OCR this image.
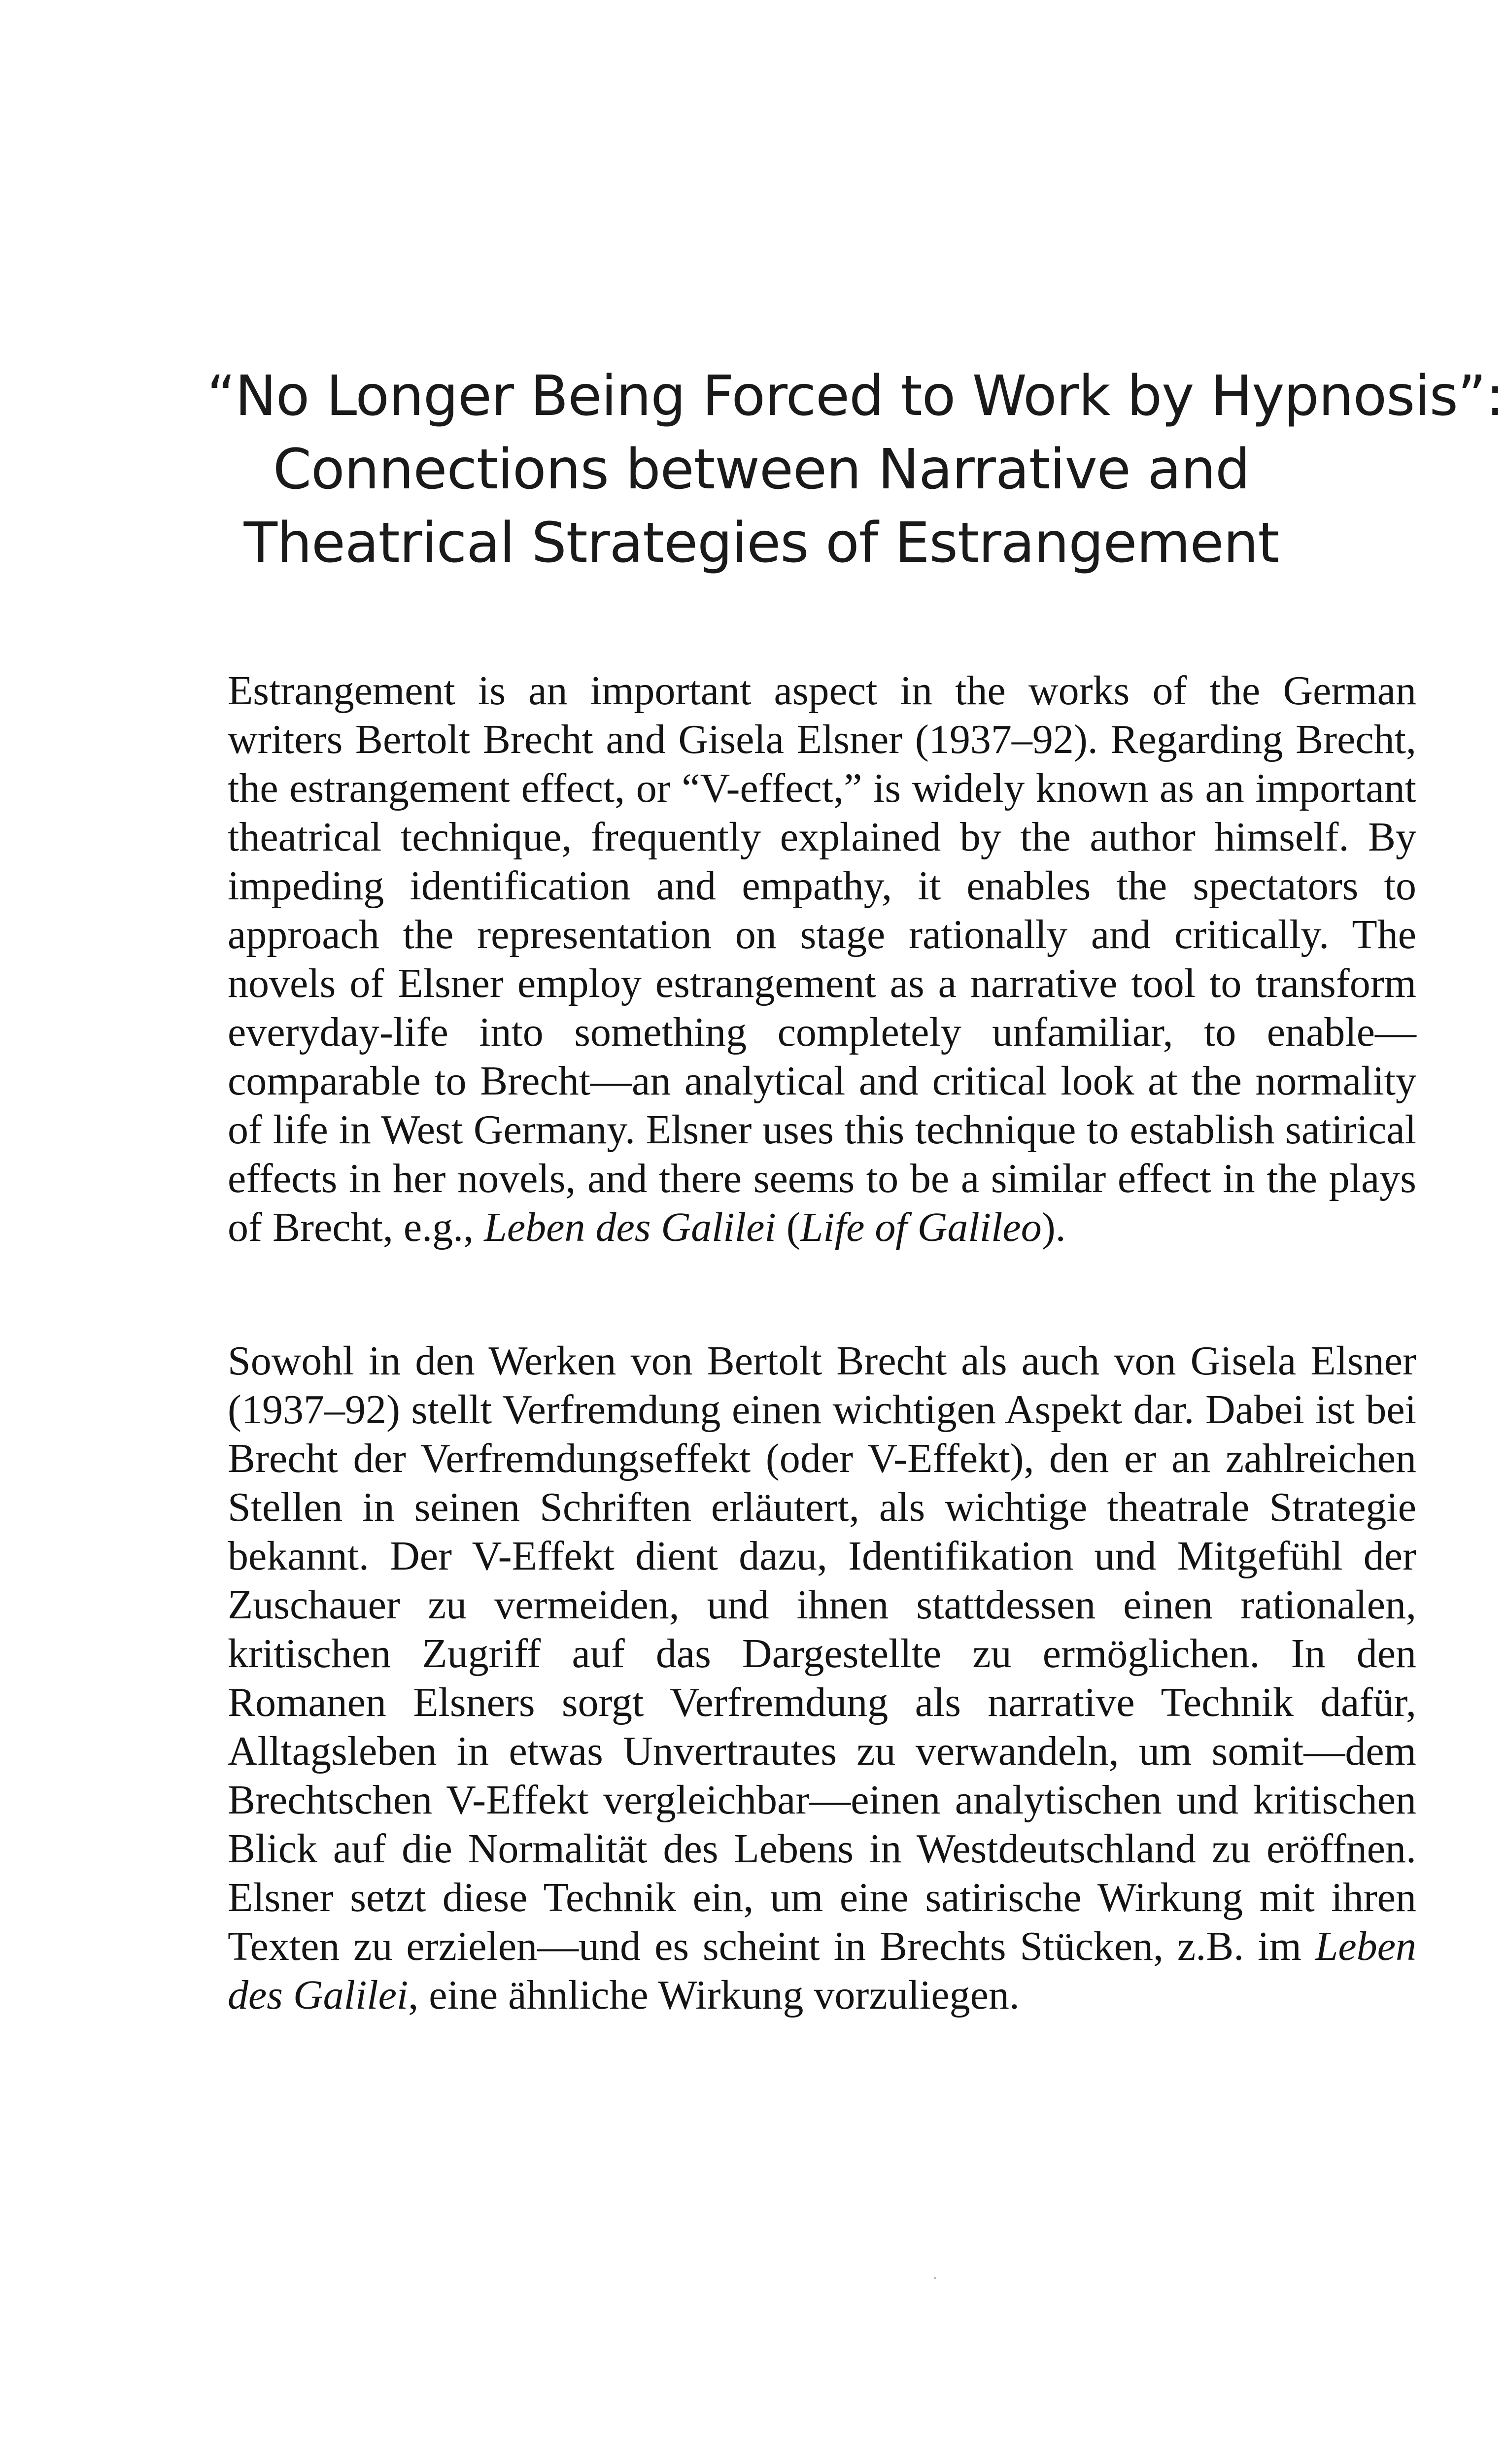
“No Longer Being Forced to Work by Hypnosis”:
Connections between Narrative and
Theatrical Strategies of Estrangement

Estrangement is an important aspect in the works of the German writers Bertolt Brecht and Gisela Elsner (1937–92). Regarding Brecht, the estrangement effect, or “V-effect,” is widely known as an important theatrical technique, frequently explained by the author himself. By impeding identification and empathy, it enables the spectators to approach the representation on stage rationally and critically. The novels of Elsner employ estrangement as a narrative tool to transform everyday-life into something completely unfamiliar, to enable—comparable to Brecht—an analytical and critical look at the normality of life in West Germany. Elsner uses this technique to establish satirical effects in her novels, and there seems to be a similar effect in the plays of Brecht, e.g., Leben des Galilei (Life of Galileo).

Sowohl in den Werken von Bertolt Brecht als auch von Gisela Elsner (1937–92) stellt Verfremdung einen wichtigen Aspekt dar. Dabei ist bei Brecht der Verfremdungseffekt (oder V-Effekt), den er an zahlreichen Stellen in seinen Schriften erläutert, als wichtige theatrale Strategie bekannt. Der V-Effekt dient dazu, Identifikation und Mitgefühl der Zuschauer zu vermeiden, und ihnen stattdessen einen rationalen, kritischen Zugriff auf das Dargestellte zu ermöglichen. In den Romanen Elsners sorgt Verfremdung als narrative Technik dafür, Alltagsleben in etwas Unvertrautes zu verwandeln, um somit—dem Brechtschen V-Effekt vergleichbar—einen analytischen und kritischen Blick auf die Normalität des Lebens in Westdeutschland zu eröffnen. Elsner setzt diese Technik ein, um eine satirische Wirkung mit ihren Texten zu erzielen—und es scheint in Brechts Stücken, z.B. im Leben des Galilei, eine ähnliche Wirkung vorzuliegen.
